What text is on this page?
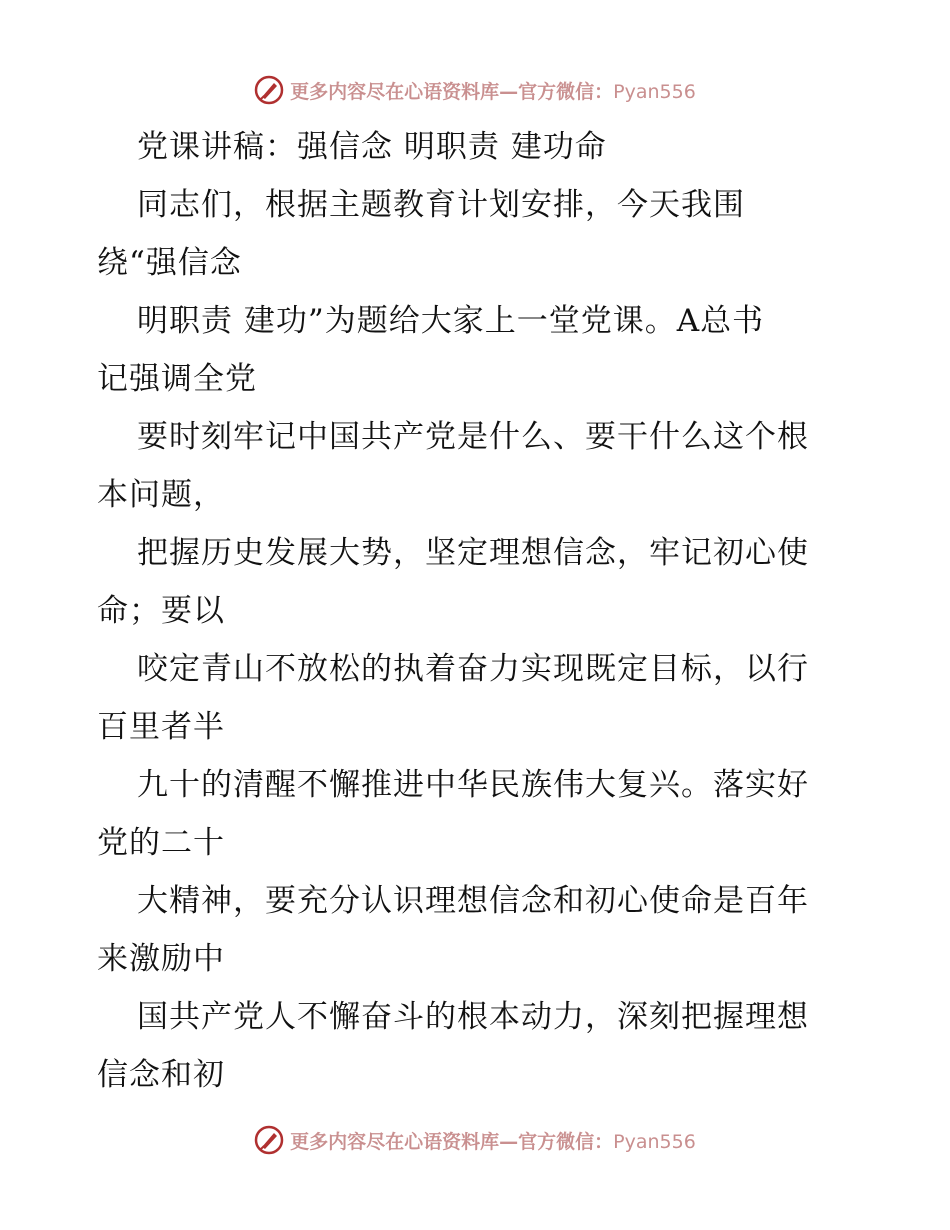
更多内容尽在心语资料库—官方微信：Pyan556
党课讲稿：强信念 明职责 建功命
同志们，根据主题教育计划安排，今天我围
绕“强信念
明职责 建功”为题给大家上一堂党课。A总书
记强调全党
要时刻牢记中国共产党是什么、要干什么这个根
本问题，
把握历史发展大势，坚定理想信念，牢记初心使
命；要以
咬定青山不放松的执着奋力实现既定目标，以行
百里者半
九十的清醒不懈推进中华民族伟大复兴。落实好
党的二十
大精神，要充分认识理想信念和初心使命是百年
来激励中
国共产党人不懈奋斗的根本动力，深刻把握理想
信念和初
更多内容尽在心语资料库—官方微信：Pyan556
